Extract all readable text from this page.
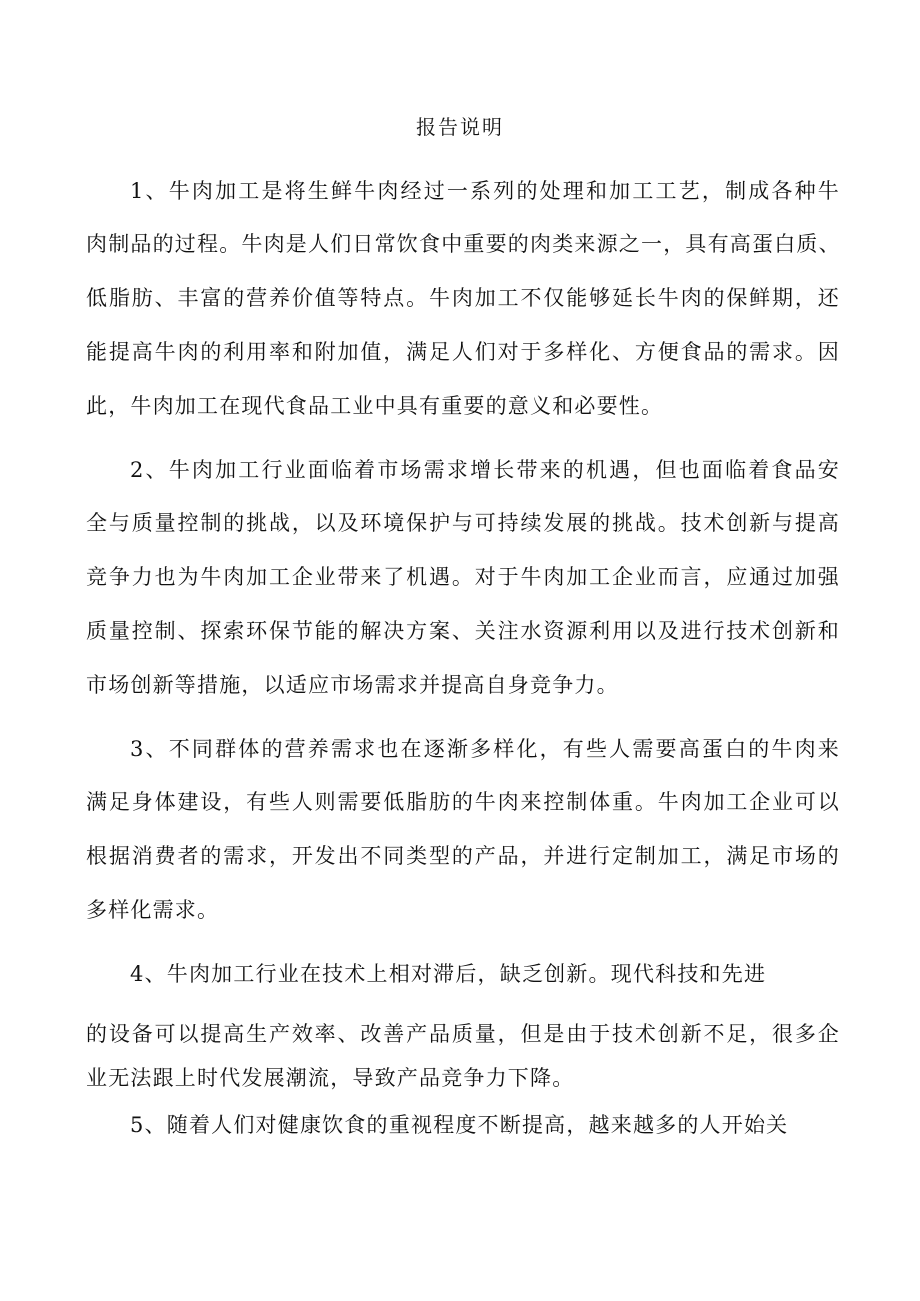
报告说明
1、牛肉加工是将生鲜牛肉经过一系列的处理和加工工艺，制成各种牛
肉制品的过程。牛肉是人们日常饮食中重要的肉类来源之一，具有高蛋白质、
低脂肪、丰富的营养价值等特点。牛肉加工不仅能够延长牛肉的保鲜期，还
能提高牛肉的利用率和附加值，满足人们对于多样化、方便食品的需求。因
此，牛肉加工在现代食品工业中具有重要的意义和必要性。
2、牛肉加工行业面临着市场需求增长带来的机遇，但也面临着食品安
全与质量控制的挑战，以及环境保护与可持续发展的挑战。技术创新与提高
竞争力也为牛肉加工企业带来了机遇。对于牛肉加工企业而言，应通过加强
质量控制、探索环保节能的解决方案、关注水资源利用以及进行技术创新和
市场创新等措施，以适应市场需求并提高自身竞争力。
3、不同群体的营养需求也在逐渐多样化，有些人需要高蛋白的牛肉来
满足身体建设，有些人则需要低脂肪的牛肉来控制体重。牛肉加工企业可以
根据消费者的需求，开发出不同类型的产品，并进行定制加工，满足市场的
多样化需求。
4、牛肉加工行业在技术上相对滞后，缺乏创新。现代科技和先进
的设备可以提高生产效率、改善产品质量，但是由于技术创新不足，很多企
业无法跟上时代发展潮流，导致产品竞争力下降。
5、随着人们对健康饮食的重视程度不断提高，越来越多的人开始关
